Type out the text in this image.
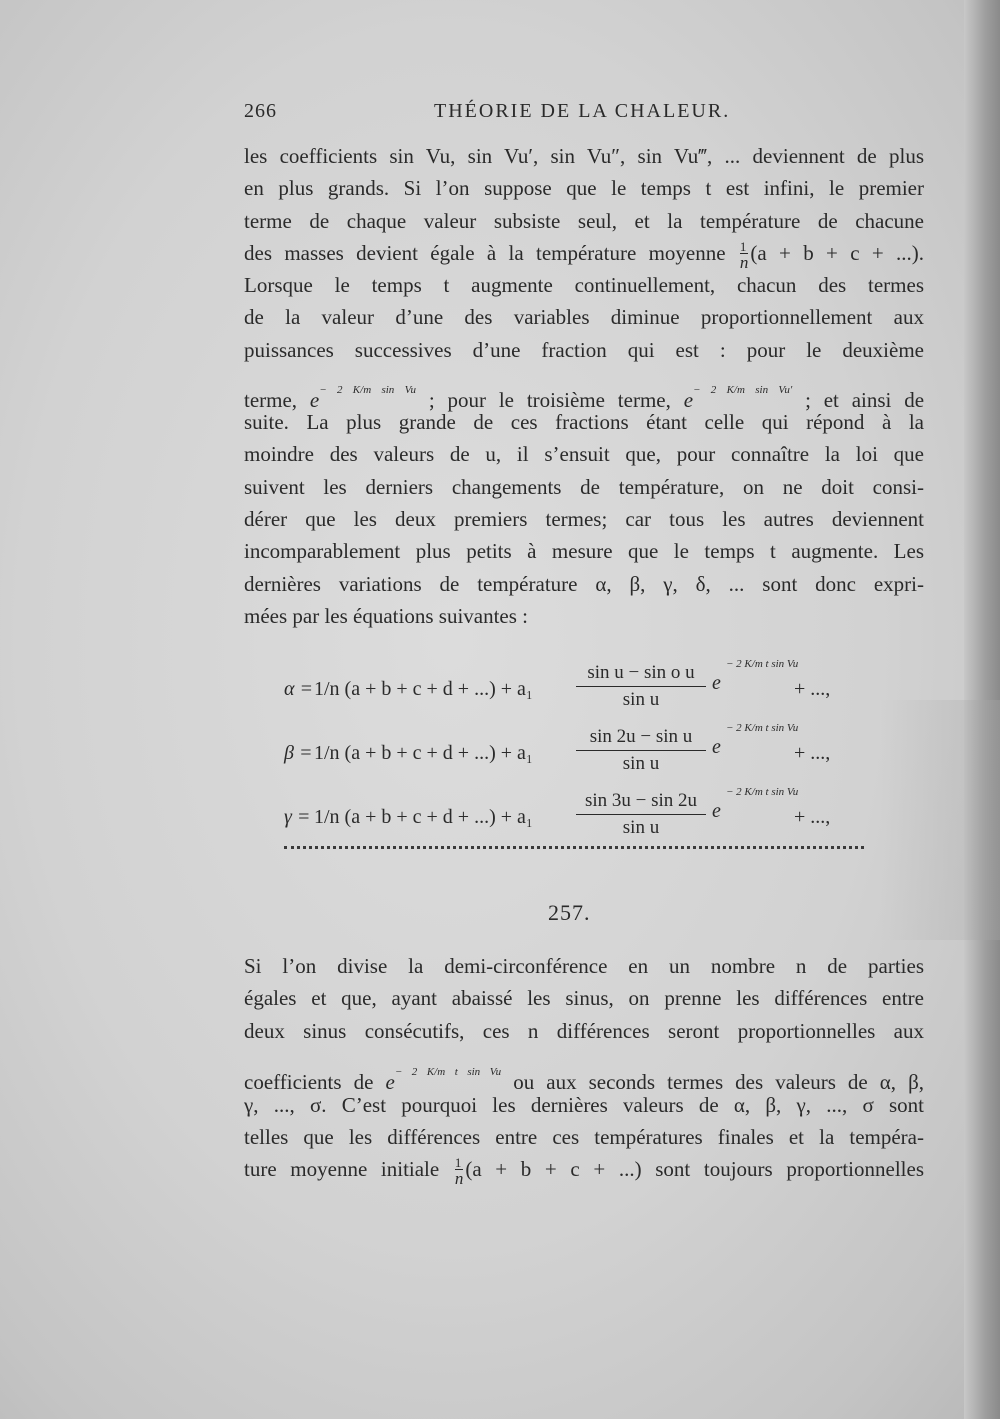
266	THÉORIE DE LA CHALEUR.
les coefficients sin Vu, sin Vu′, sin Vu″, sin Vu‴, ... deviennent de plus
en plus grands. Si l’on suppose que le temps t est infini, le premier
terme de chaque valeur subsiste seul, et la température de chacune
des masses devient égale à la température moyenne $\frac{1}{n} (a + b + c$ + ...).
Lorsque le temps t augmente continuellement, chacun des termes
de la valeur d’une des variables diminue proportionnellement aux
puissances successives d’une fraction qui est : pour le deuxième
terme, $e^{- 2 K/m sin Vu}$ ; pour le troisième terme, $e^{- 2 K/m sin Vu'}$ ; et ainsi de
suite. La plus grande de ces fractions étant celle qui répond à la
moindre des valeurs de u, il s’ensuit que, pour connaître la loi que
suivent les derniers changements de température, on ne doit consi-
dérer que les deux premiers termes; car tous les autres deviennent
incomparablement plus petits à mesure que le temps t augmente. Les
dernières variations de température α, β, γ, δ, ... sont donc expri-
mées par les équations suivantes :
α = 1/n (a + b + c + d + ...) + $a_1 \frac{\text{sin u − sin o u}}{\text{sin u}}$ e
− 2 K/m t sin Vu
+ ...,
β = 1/n (a + b + c + d + ...) + $a_1 \frac{\text{sin 2u − sin u}}{\text{sin u}}$ e
− 2 K/m t sin Vu
+ ...,
γ = 1/n (a + b + c + d + ...) + $a_1 \frac{\sin 3u - \sin 2u}{\text{sin u}}$ e
− 2 K/m t sin Vu
+ ...,
257.
Si l’on divise la demi-circonférence en un nombre n de parties
égales et que, ayant abaissé les sinus, on prenne les différences entre
deux sinus consécutifs, ces n différences seront proportionnelles aux
coefficients de $e^{- 2 K/m t sin Vu}$ ou aux seconds termes des valeurs de α, β,
γ, ..., σ. C’est pourquoi les dernières valeurs de α, β, γ, ..., σ sont
telles que les différences entre ces températures finales et la tempéra-
ture moyenne initiale $\frac{1}{n} (a + b + c$ + ...) sont toujours proportionnelles
